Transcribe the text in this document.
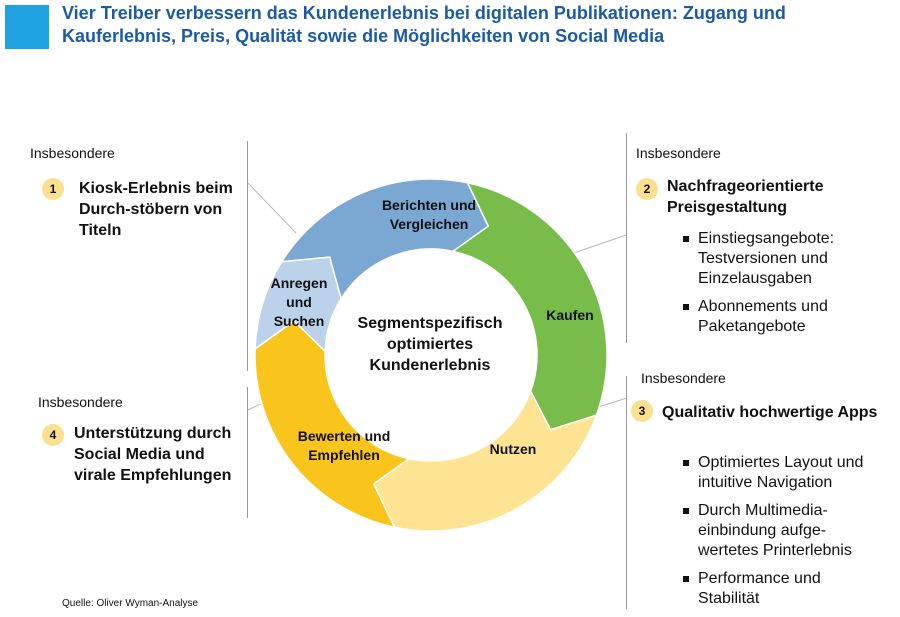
Vier Treiber verbessern das Kundenerlebnis bei digitalen Publikationen: Zugang und Kauferlebnis, Preis, Qualität sowie die Möglichkeiten von Social Media
Berichten und Vergleichen
Kaufen
Nutzen
Bewerten und Empfehlen
Anregen und Suchen	Segmentspezifisch optimiertes Kundenerlebnis
Insbesondere
1	Kiosk-Erlebnis beim Durch-stöbern von Titeln
Insbesondere
2	Nachfrageorientierte Preisgestaltung
Einstiegsangebote: Testversionen und Einzelausgaben
Abonnements und Paketangebote
Insbesondere
3	Qualitativ hochwertige Apps
Optimiertes Layout und intuitive Navigation
Durch Multimedia-einbindung aufge-wertetes Printerlebnis
Performance und Stabilität
Insbesondere
4	Unterstützung durch Social Media und virale Empfehlungen
Quelle: Oliver Wyman-Analyse
